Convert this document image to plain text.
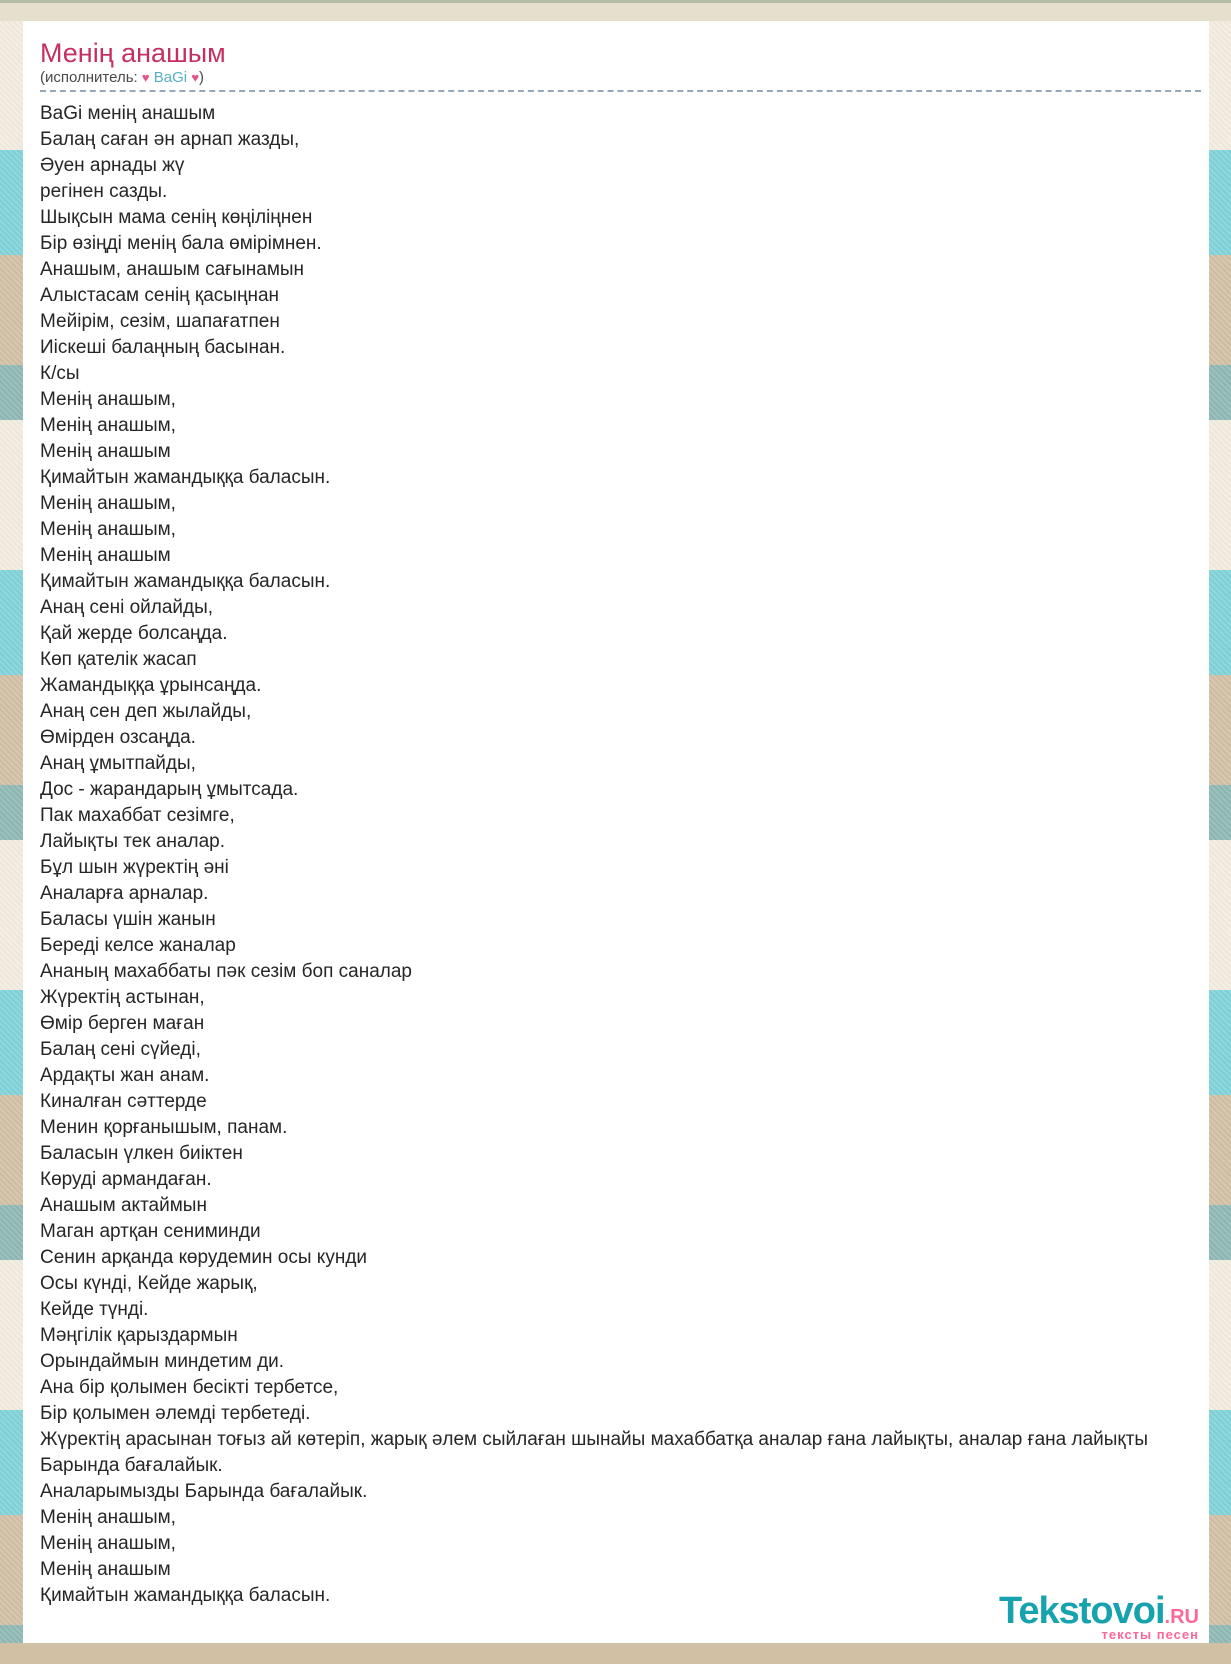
Менің анашым
(исполнитель: ♥ BaGi ♥)
BaGi менің анашым
Балаң саған ән арнап жазды,
Әуен арнады жү
регінен сазды.
Шықсын мама сенің көңіліңнен
Бір өзіңді менің бала өмірімнен.
Анашым, анашым сағынамын
Алыстасам сенің қасыңнан
Мейірім, сезім, шапағатпен
Иіскеші балаңның басынан.
К/сы
Менің анашым,
Менің анашым,
Менің анашым
Қимайтын жамандыққа баласын.
Менің анашым,
Менің анашым,
Менің анашым
Қимайтын жамандыққа баласын.
Анаң сені ойлайды,
Қай жерде болсаңда.
Көп қателік жасап
Жамандыққа ұрынсаңда.
Анаң сен деп жылайды,
Өмірден озсаңда.
Анаң ұмытпайды,
Дос - жарандарың ұмытсада.
Пак махаббат сезімге,
Лайықты тек аналар.
Бұл шын жүректің әні
Аналарға арналар.
Баласы үшін жанын
Береді келсе жаналар
Ананың махаббаты пәк сезім боп саналар
Жүректің астынан,
Өмір берген маған
Балаң сені сүйеді,
Ардақты жан анам.
Киналған сәттерде
Менин қорғанышым, панам.
Баласын үлкен биіктен
Көруді армандаған.
Анашым актаймын
Маган артқан сениминди
Сенин арқанда көрудемин осы кунди
Осы күнді, Кейде жарық,
Кейде түнді.
Мәңгілік қарыздармын
Орындаймын миндетим ди.
Ана бір қолымен бесікті тербетсе,
Бір қолымен әлемді тербетеді.
Жүректің арасынан тоғыз ай көтеріп, жарық әлем сыйлаған шынайы махаббатқа аналар ғана лайықты, аналар ғана лайықты
Барында бағалайык.
Аналарымызды Барында бағалайык.
Менің анашым,
Менің анашым,
Менің анашым
Қимайтын жамандыққа баласын.	Tekstovoi.RU
тексты песен
